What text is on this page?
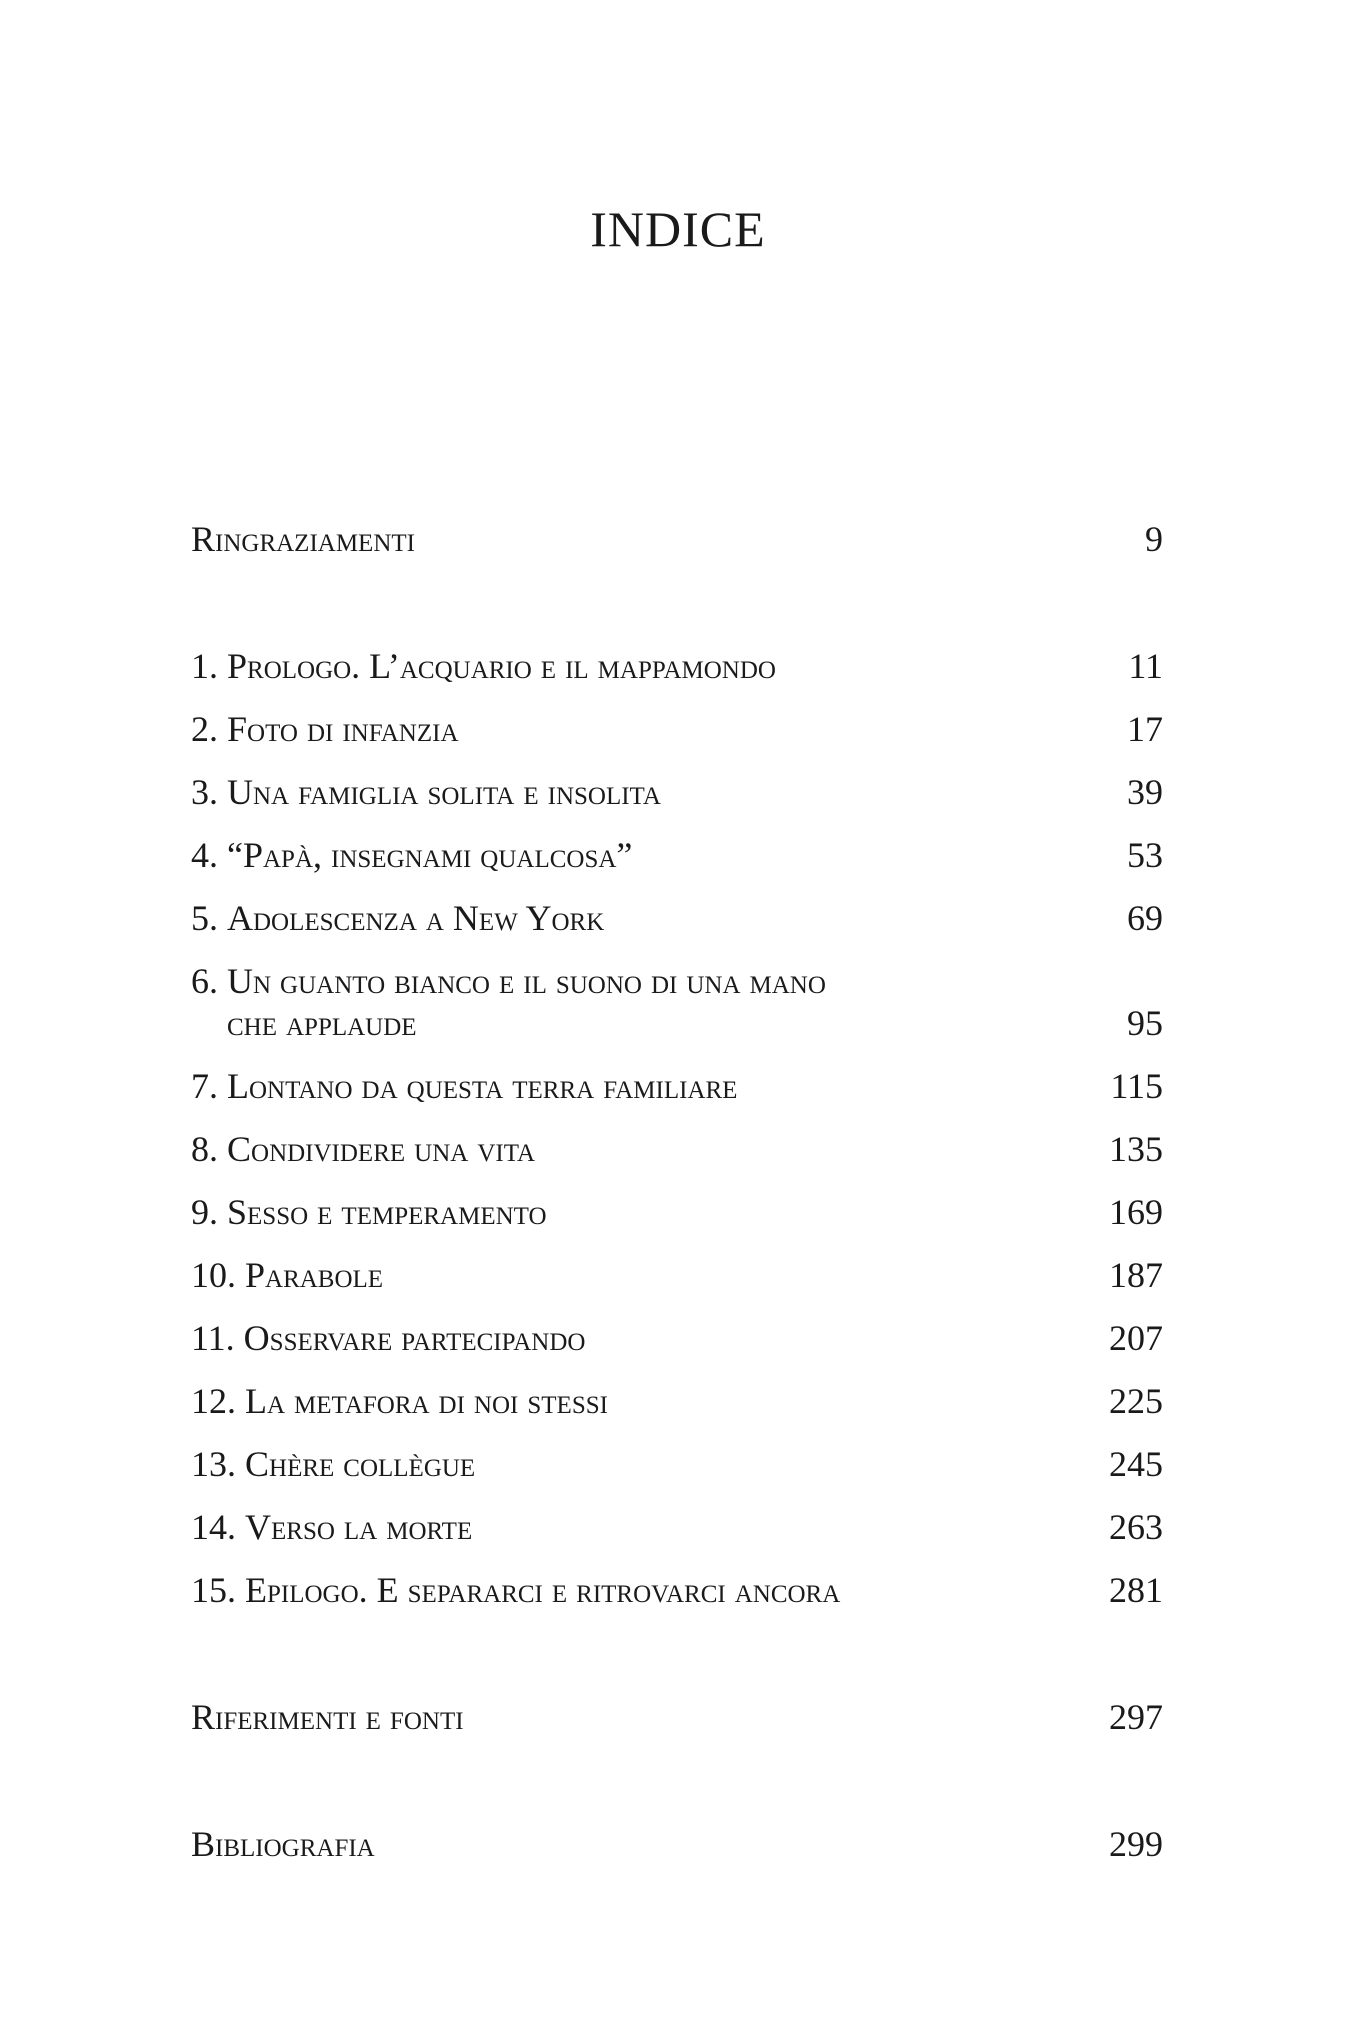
INDICE
Ringraziamenti	9
1. Prologo. L’acquario e il mappamondo	11
2. Foto di infanzia	17
3. Una famiglia solita e insolita	39
4. “Papà, insegnami qualcosa”	53
5. Adolescenza a New York	69
6. Un guanto bianco e il suono di una mano
che applaude	95
7. Lontano da questa terra familiare	115
8. Condividere una vita	135
9. Sesso e temperamento	169
10. Parabole	187
11. Osservare partecipando	207
12. La metafora di noi stessi	225
13. Chère collègue	245
14. Verso la morte	263
15. Epilogo. E separarci e ritrovarci ancora	281
Riferimenti e fonti	297
Bibliografia	299
